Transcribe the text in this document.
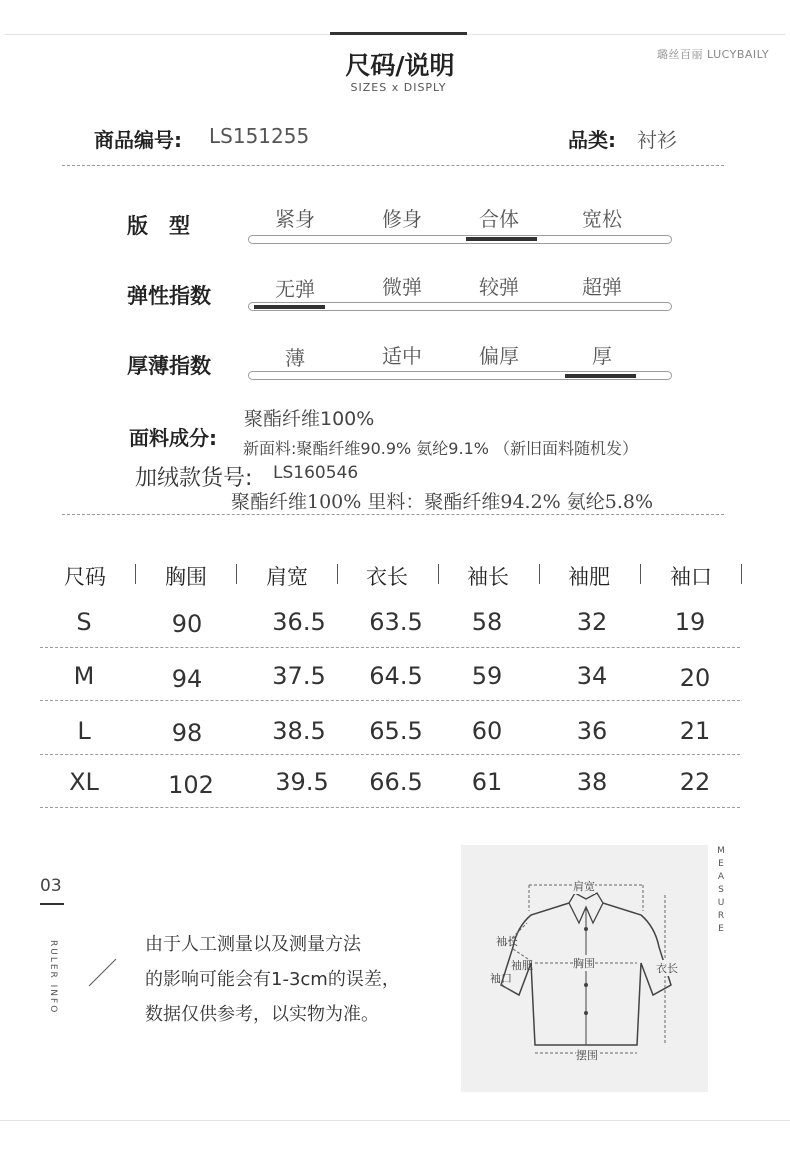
尺码/说明
SIZES x DISPLY
璐丝百丽 LUCYBAILY
商品编号: LS151255	品类: 衬衫
版　型	紧身	修身	合体	宽松
弹性指数	无弹	微弹	较弹	超弹
厚薄指数	薄	适中	偏厚	厚
面料成分:
聚酯纤维100%
新面料:聚酯纤维90.9% 氨纶9.1% （新旧面料随机发）
加绒款货号: LS160546
聚酯纤维100% 里料：聚酯纤维94.2% 氨纶5.8%
尺码	胸围	肩宽	衣长	袖长	袖肥	袖口
S	90	36.5	63.5	58	32	19
M	94	37.5	64.5	59	34	20
L	98	38.5	65.5	60	36	21
XL	102	39.5	66.5	61	38	22
03
RULER INFO	由于人工测量以及测量方法
的影响可能会有1-3cm的误差，
数据仅供参考，以实物为准。
肩宽
袖长
袖肥	胸围
袖口
衣长
摆围
MEASURE
